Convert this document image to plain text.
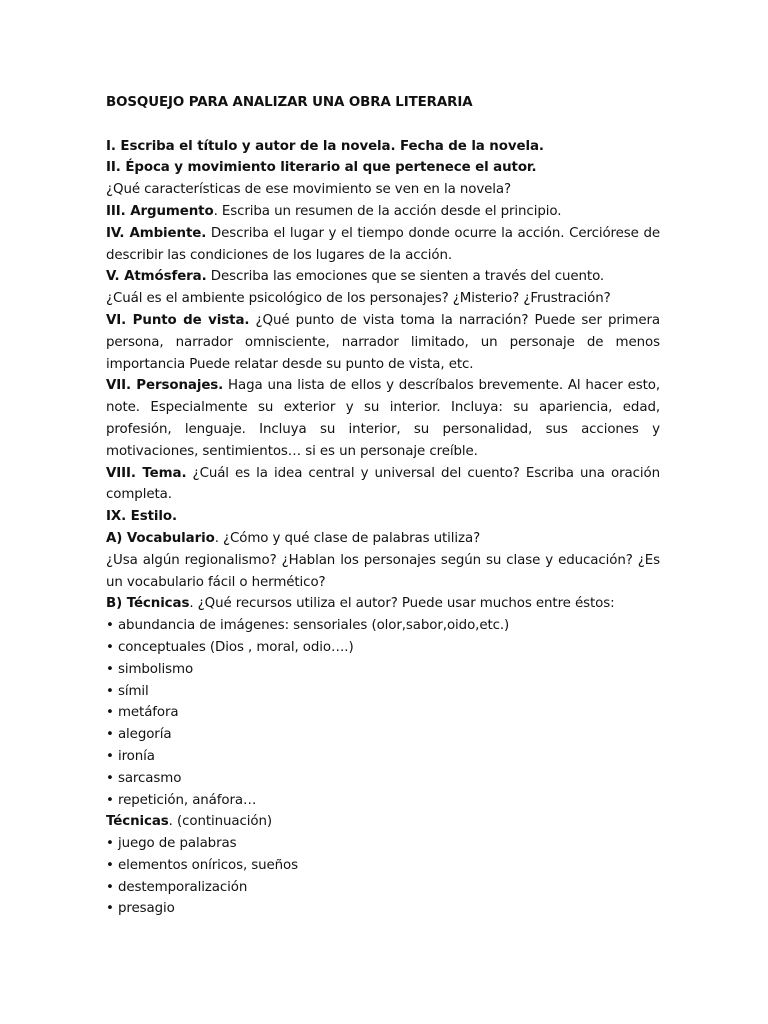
BOSQUEJO PARA ANALIZAR UNA OBRA LITERARIA

I. Escriba el título y autor de la novela. Fecha de la novela.

II. Época y movimiento literario al que pertenece el autor.

¿Qué características de ese movimiento se ven en la novela?

III. Argumento. Escriba un resumen de la acción desde el principio.

IV. Ambiente. Describa el lugar y el tiempo donde ocurre la acción. Cerciórese de describir las condiciones de los lugares de la acción.

V. Atmósfera. Describa las emociones que se sienten a través del cuento.

¿Cuál es el ambiente psicológico de los personajes? ¿Misterio? ¿Frustración?

VI. Punto de vista. ¿Qué punto de vista toma la narración? Puede ser primera persona, narrador omnisciente, narrador limitado, un personaje de menos importancia Puede relatar desde su punto de vista, etc.

VII. Personajes. Haga una lista de ellos y descríbalos brevemente. Al hacer esto, note. Especialmente su exterior y su interior. Incluya: su apariencia, edad, profesión, lenguaje. Incluya su interior, su personalidad, sus acciones y motivaciones, sentimientos… si es un personaje creíble.

VIII. Tema. ¿Cuál es la idea central y universal del cuento? Escriba una oración completa.

IX. Estilo.

A) Vocabulario. ¿Cómo y qué clase de palabras utiliza?

¿Usa algún regionalismo? ¿Hablan los personajes según su clase y educación? ¿Es un vocabulario fácil o hermético?

B) Técnicas. ¿Qué recursos utiliza el autor? Puede usar muchos entre éstos:

• abundancia de imágenes: sensoriales (olor,sabor,oido,etc.)

• conceptuales (Dios , moral, odio….)

• simbolismo

• símil

• metáfora

• alegoría

• ironía

• sarcasmo

• repetición, anáfora…

Técnicas. (continuación)

• juego de palabras

• elementos oníricos, sueños

• destemporalización

• presagio
